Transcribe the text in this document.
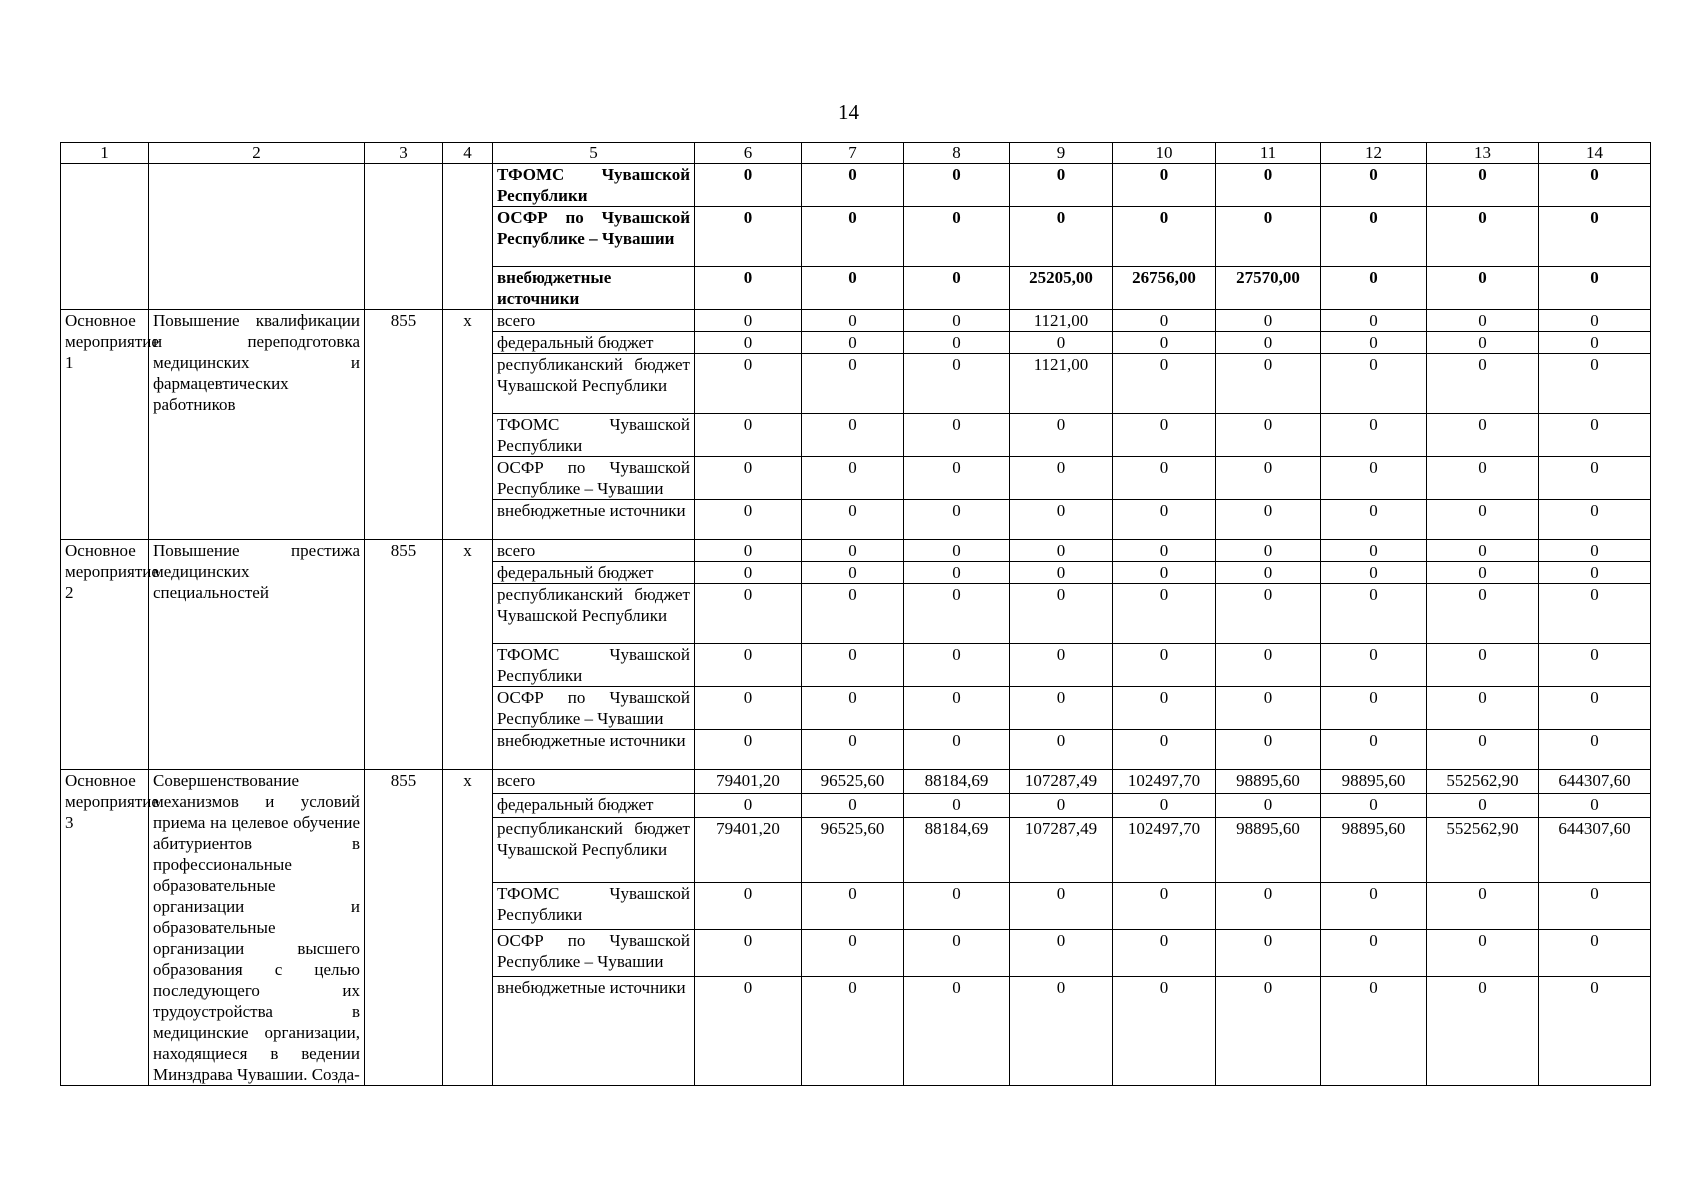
14
1	2	3	4	5	6	7	8	9	10	11	12	13	14
				ТФОМС Чувашской Республики	0	0	0	0	0	0	0	0	0
				ОСФР по Чувашской Республике – Чувашии	0	0	0	0	0	0	0	0	0
				внебюджетные источники	0	0	0	25205,00	26756,00	27570,00	0	0	0
Основное мероприятие 1	Повышение квалификации и переподготовка медицинских и фармацевтических работников	855	х	всего	0	0	0	1121,00	0	0	0	0	0
				федеральный бюджет	0	0	0	0	0	0	0	0	0
				республиканский бюджет Чувашской Республики	0	0	0	1121,00	0	0	0	0	0
				ТФОМС Чувашской Республики	0	0	0	0	0	0	0	0	0
				ОСФР по Чувашской Республике – Чувашии	0	0	0	0	0	0	0	0	0
				внебюджетные источники	0	0	0	0	0	0	0	0	0
Основное мероприятие 2	Повышение престижа медицинских специальностей	855	х	всего	0	0	0	0	0	0	0	0	0
				федеральный бюджет	0	0	0	0	0	0	0	0	0
				республиканский бюджет Чувашской Республики	0	0	0	0	0	0	0	0	0
				ТФОМС Чувашской Республики	0	0	0	0	0	0	0	0	0
				ОСФР по Чувашской Республике – Чувашии	0	0	0	0	0	0	0	0	0
				внебюджетные источники	0	0	0	0	0	0	0	0	0
Основное мероприятие 3	Совершенствование механизмов и условий приема на целевое обучение абитуриентов в профессиональные образовательные организации и образовательные организации высшего образования с целью последующего их трудоустройства в медицинские организации, находящиеся в ведении Минздрава Чувашии. Созда-	855	х	всего	79401,20	96525,60	88184,69	107287,49	102497,70	98895,60	98895,60	552562,90	644307,60
				федеральный бюджет	0	0	0	0	0	0	0	0	0
				республиканский бюджет Чувашской Республики	79401,20	96525,60	88184,69	107287,49	102497,70	98895,60	98895,60	552562,90	644307,60
				ТФОМС Чувашской Республики	0	0	0	0	0	0	0	0	0
				ОСФР по Чувашской Республике – Чувашии	0	0	0	0	0	0	0	0	0
				внебюджетные источники	0	0	0	0	0	0	0	0	0
